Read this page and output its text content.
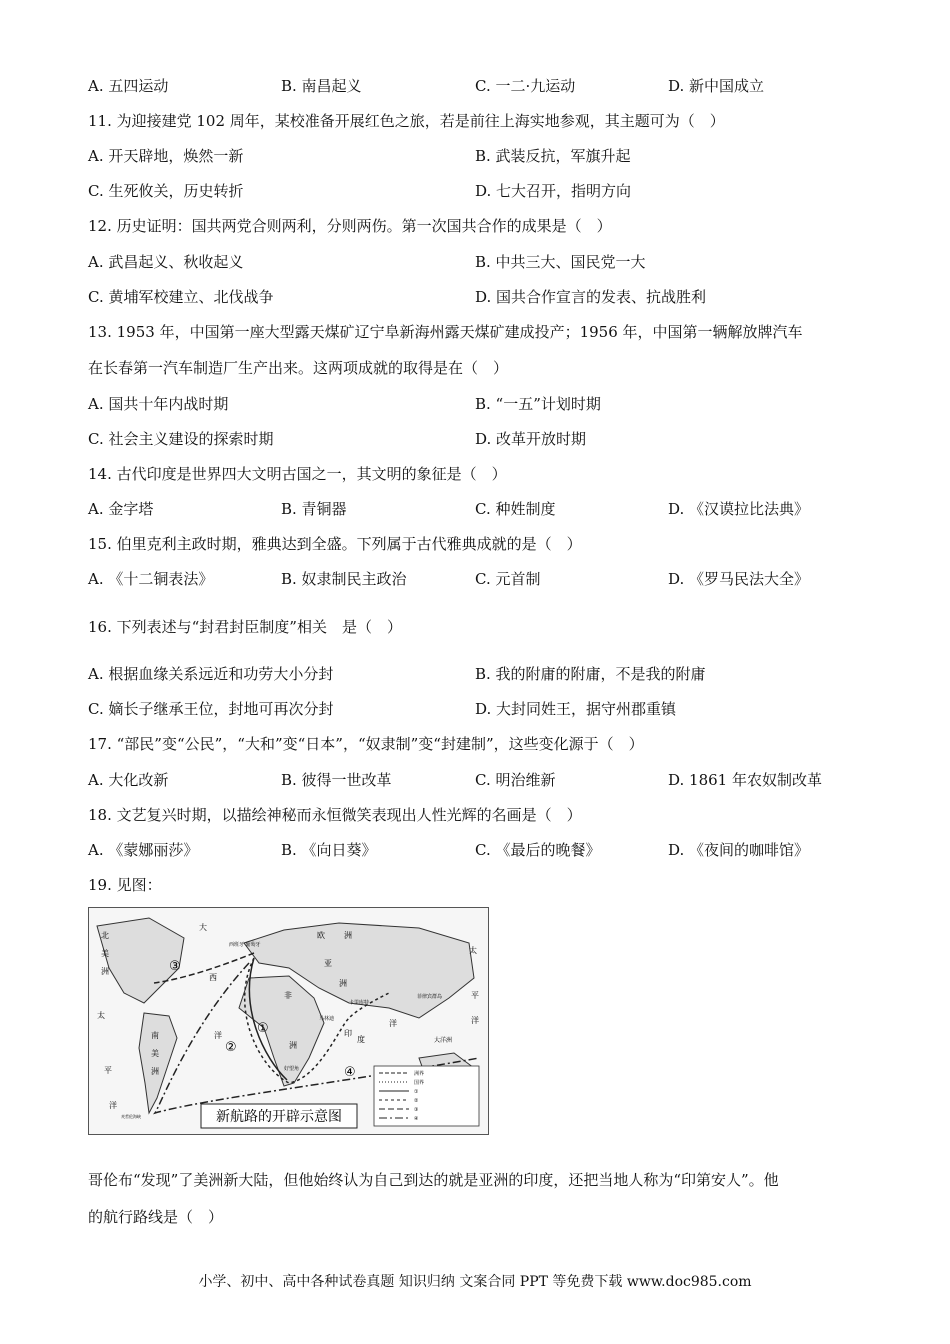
A. 五四运动	B. 南昌起义	C. 一二·九运动	D. 新中国成立
11. 为迎接建党 102 周年，某校准备开展红色之旅，若是前往上海实地参观，其主题可为（　）
A. 开天辟地，焕然一新	B. 武装反抗，军旗升起
C. 生死攸关，历史转折	D. 七大召开，指明方向
12. 历史证明：国共两党合则两利，分则两伤。第一次国共合作的成果是（　）
A. 武昌起义、秋收起义	B. 中共三大、国民党一大
C. 黄埔军校建立、北伐战争	D. 国共合作宣言的发表、抗战胜利
13. 1953 年，中国第一座大型露天煤矿辽宁阜新海州露天煤矿建成投产；1956 年，中国第一辆解放牌汽车
在长春第一汽车制造厂生产出来。这两项成就的取得是在（　）
A. 国共十年内战时期	B. “一五”计划时期
C. 社会主义建设的探索时期	D. 改革开放时期
14. 古代印度是世界四大文明古国之一，其文明的象征是（　）
A. 金字塔	B. 青铜器	C. 种姓制度	D. 《汉谟拉比法典》
15. 伯里克利主政时期，雅典达到全盛。下列属于古代雅典成就的是（　）
A. 《十二铜表法》	B. 奴隶制民主政治	C. 元首制	D. 《罗马民法大全》
16. 下列表述与“封君封臣制度”相关　是（　）
A. 根据血缘关系远近和功劳大小分封	B. 我的附庸的附庸，不是我的附庸
C. 嫡长子继承王位，封地可再次分封	D. 大封同姓王，据守州郡重镇
17. “部民”变“公民”，“大和”变“日本”，“奴隶制”变“封建制”，这些变化源于（　）
A. 大化改新	B. 彼得一世改革	C. 明治维新	D. 1861 年农奴制改革
18. 文艺复兴时期，以描绘神秘而永恒微笑表现出人性光辉的名画是（　）
A. 《蒙娜丽莎》	B. 《向日葵》	C. 《最后的晚餐》	D. 《夜间的咖啡馆》
19. 见图：
北
美
洲
南
美
洲
欧 洲
亚
洲
非
洲
大
西
洋
太
平
洋
太
平
洋
印
度
洋
大洋洲
西班牙 葡萄牙
卡里库特
马林迪
好望角
菲律宾群岛
麦哲伦海峡
③
①
②
④	洲界
国界
①
②
③
④
新航路的开辟示意图
哥伦布“发现”了美洲新大陆，但他始终认为自己到达的就是亚洲的印度，还把当地人称为“印第安人”。他
的航行路线是（　）
小学、初中、高中各种试卷真题 知识归纳 文案合同 PPT 等免费下载 www.doc985.com
